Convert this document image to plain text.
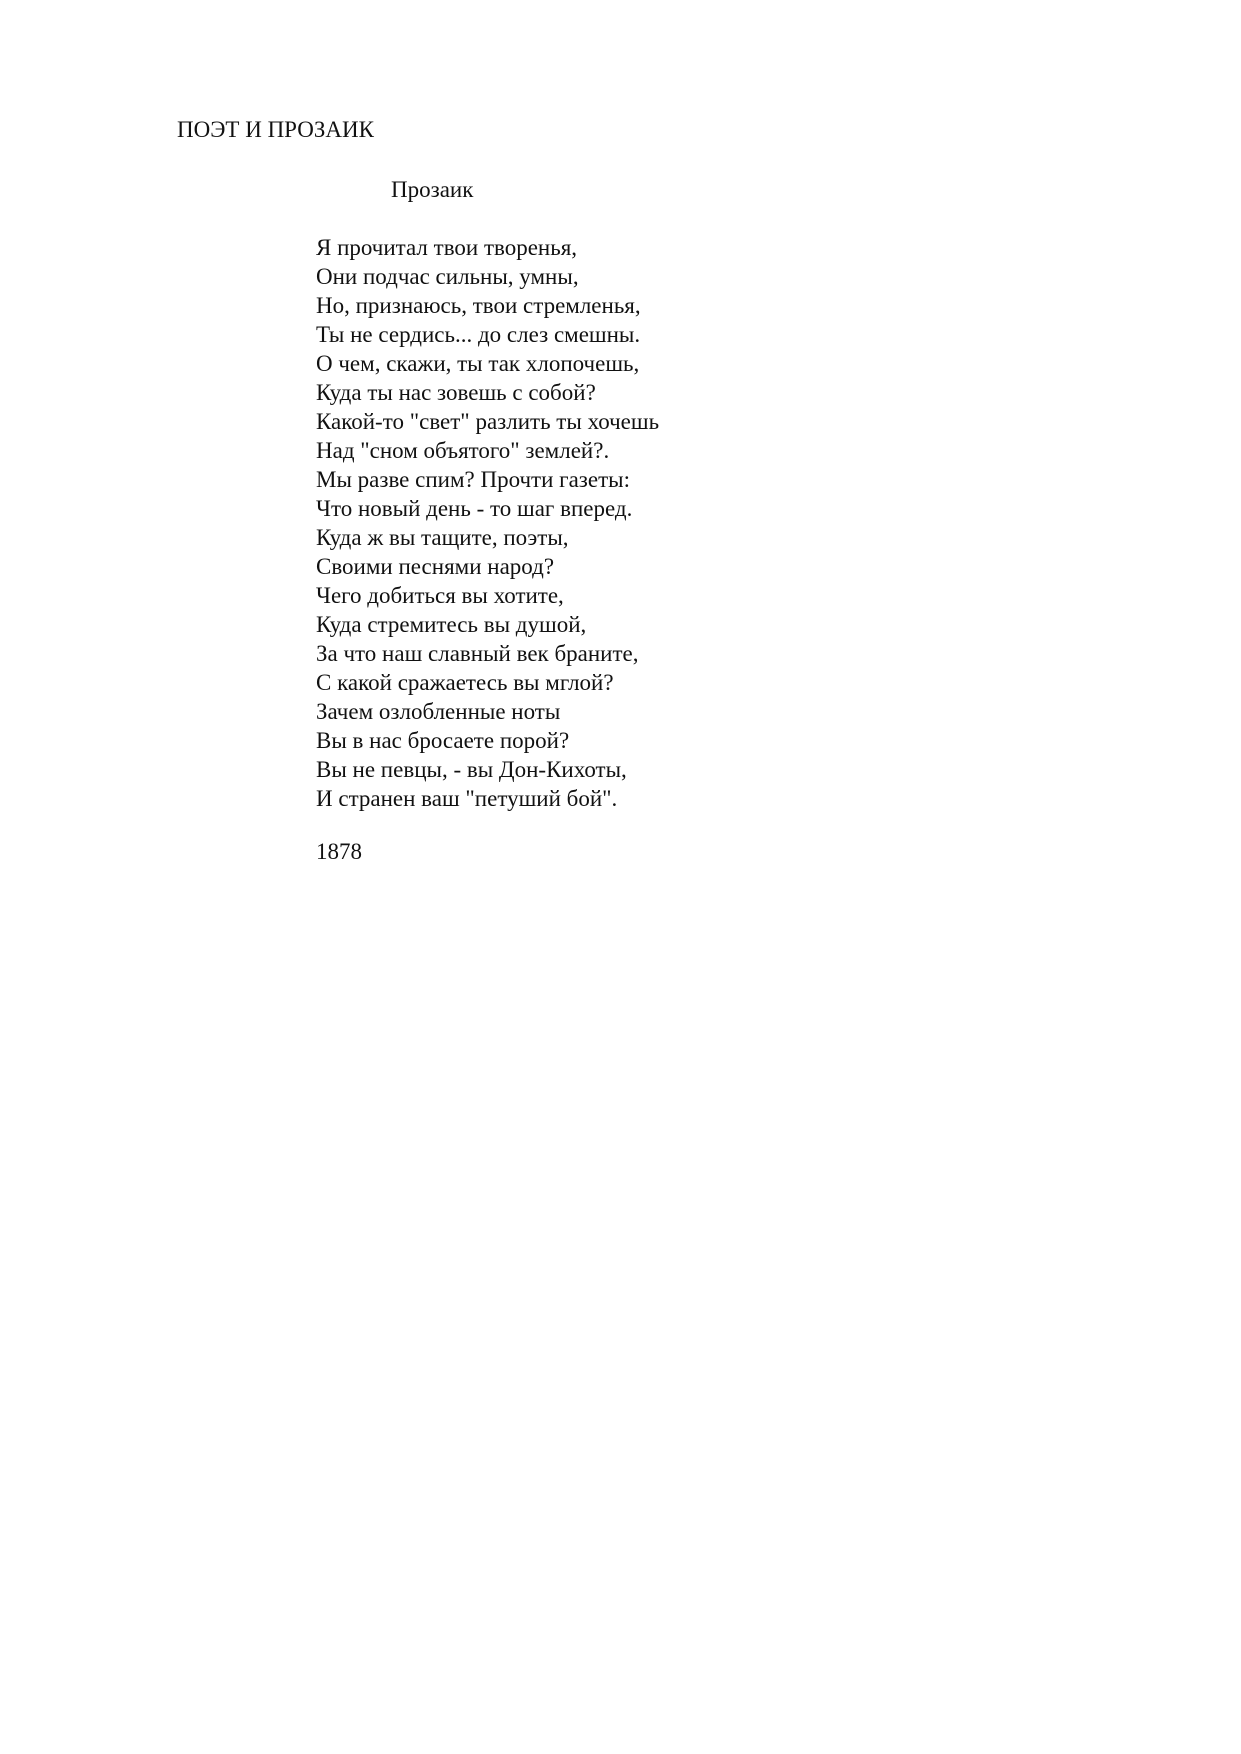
ПОЭТ И ПРОЗАИК
Прозаик
Я прочитал твои творенья,
Они подчас сильны, умны,
Но, признаюсь, твои стремленья,
Ты не сердись... до слез смешны.
О чем, скажи, ты так хлопочешь,
Куда ты нас зовешь с собой?
Какой-то "свет" разлить ты хочешь
Над "сном объятого" землей?.
Мы разве спим? Прочти газеты:
Что новый день - то шаг вперед.
Куда ж вы тащите, поэты,
Своими песнями народ?
Чего добиться вы хотите,
Куда стремитесь вы душой,
За что наш славный век браните,
С какой сражаетесь вы мглой?
Зачем озлобленные ноты
Вы в нас бросаете порой?
Вы не певцы, - вы Дон-Кихоты,
И странен ваш "петуший бой".
1878
